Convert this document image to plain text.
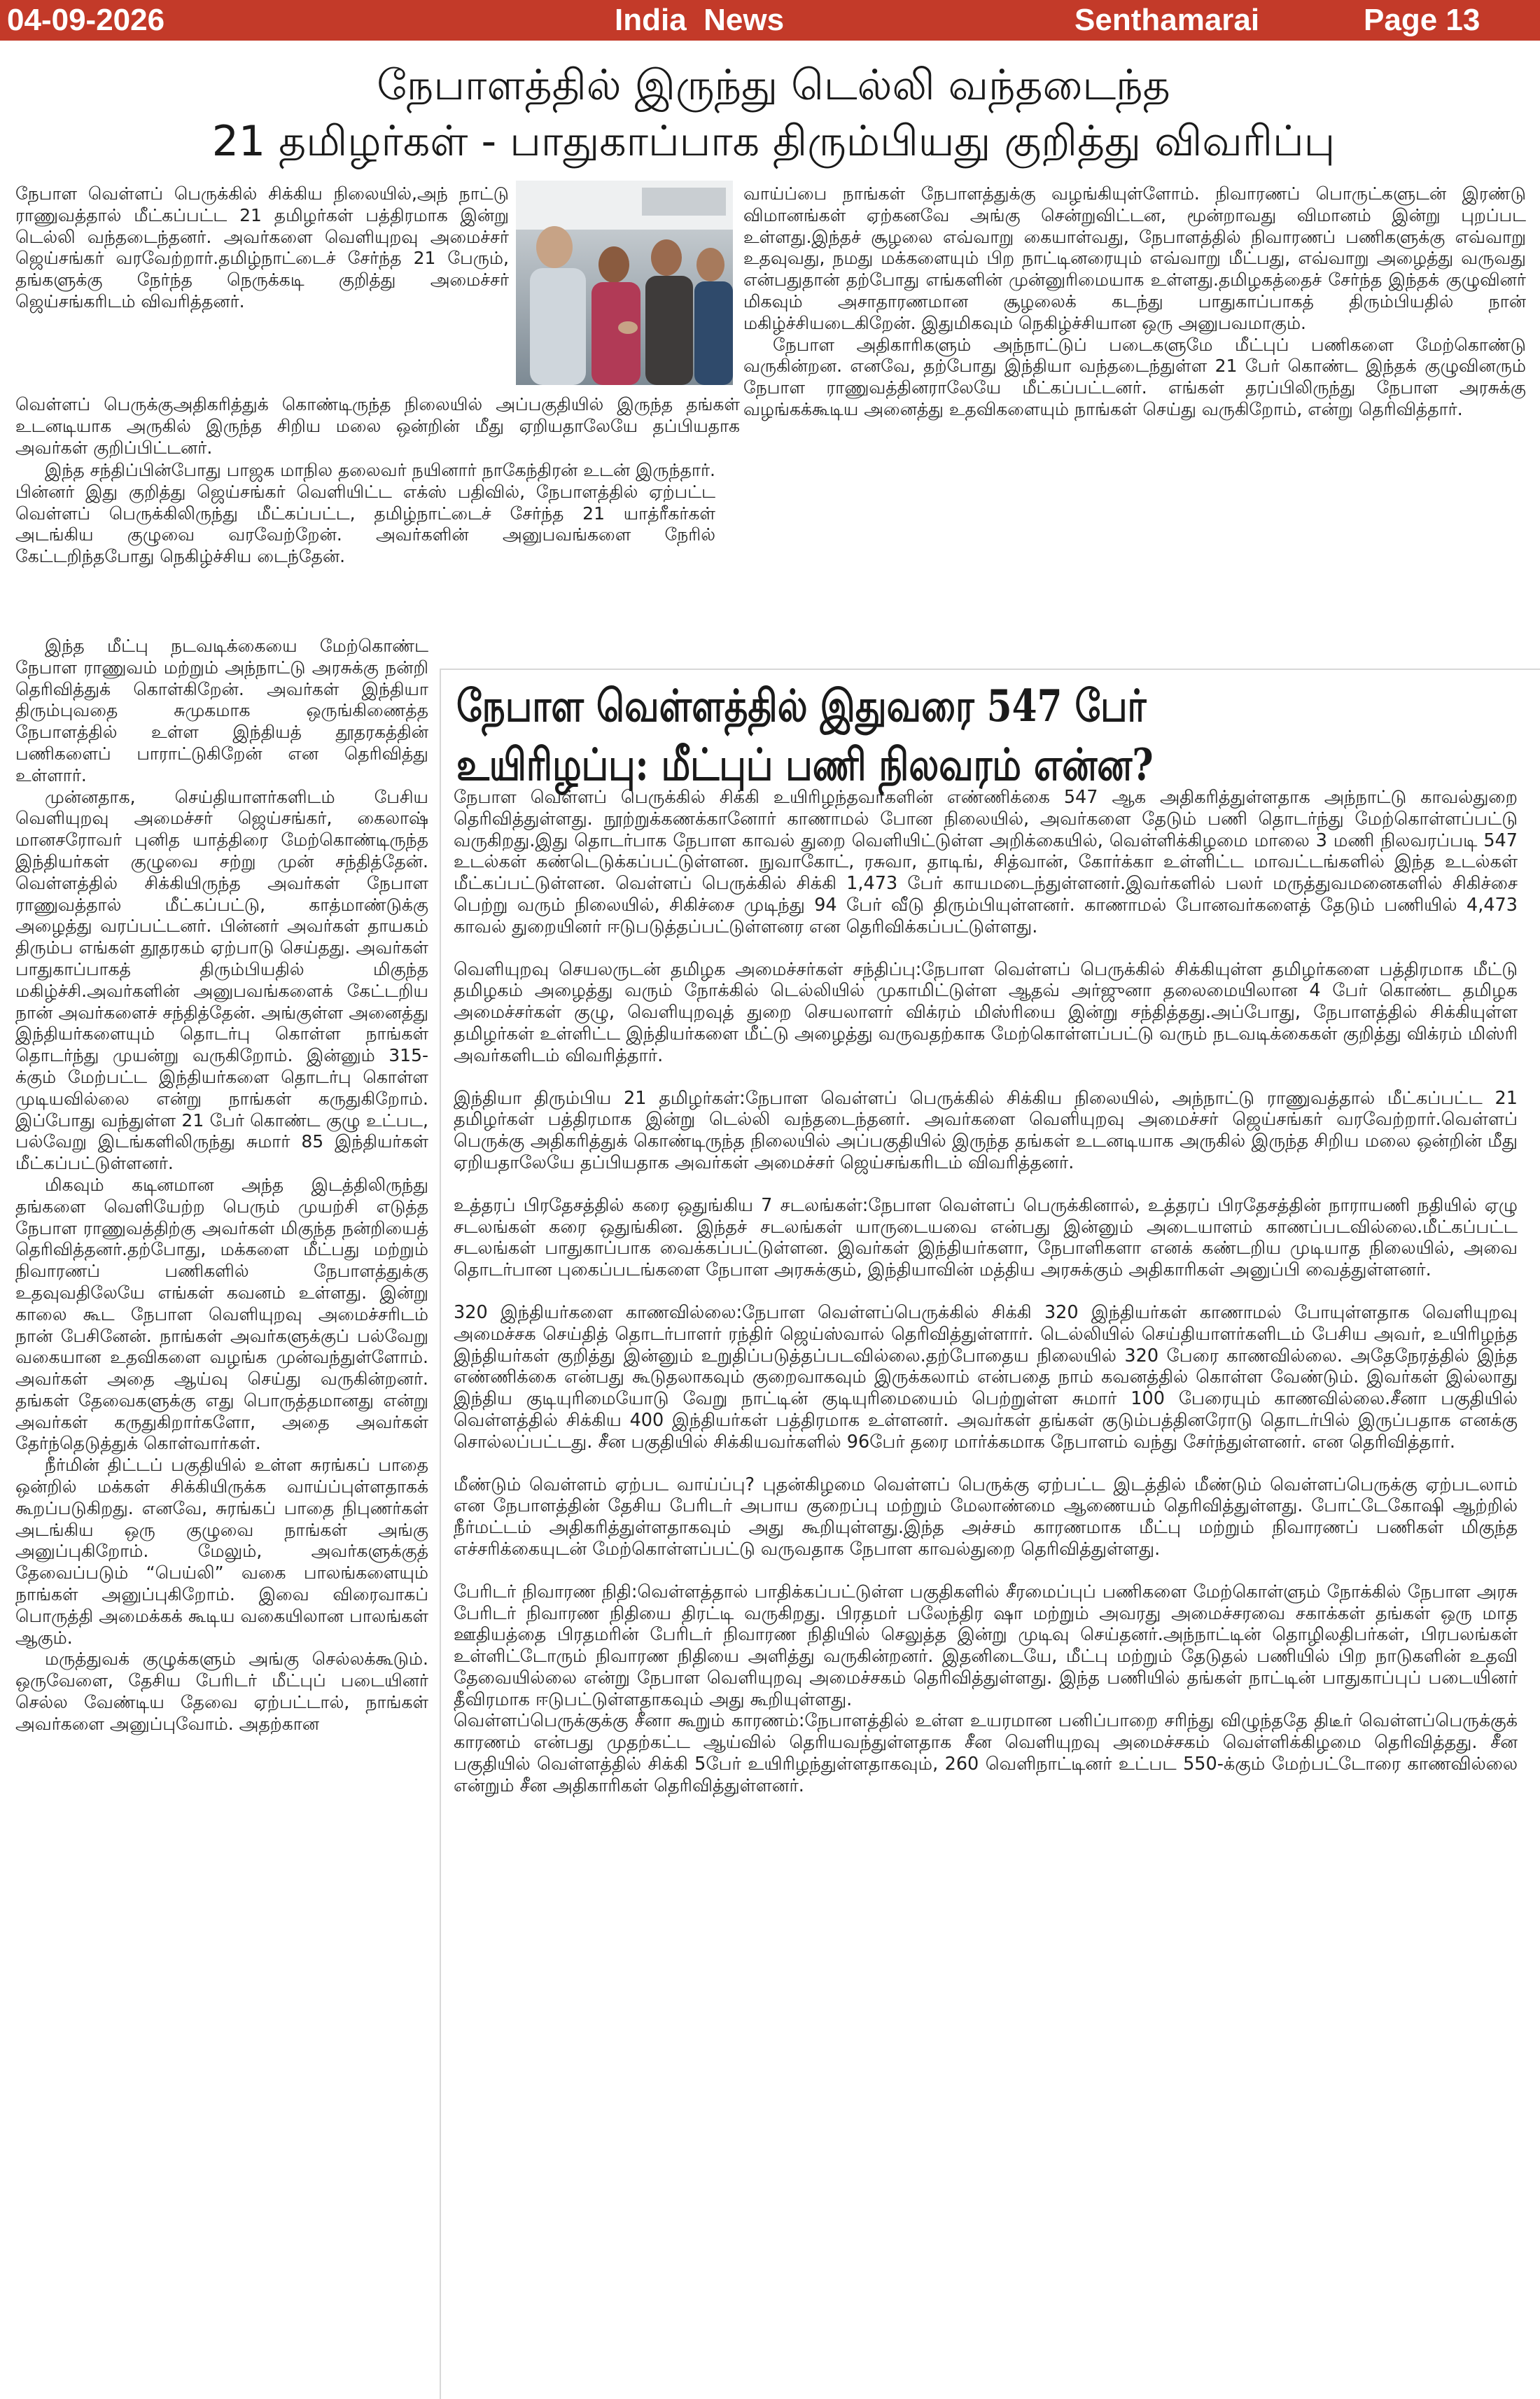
04-09-2026	India  News	Senthamarai	Page 13
நேபாளத்தில் இருந்து டெல்லி வந்தடைந்த
21 தமிழர்கள் - பாதுகாப்பாக திரும்பியது குறித்து விவரிப்பு

நேபாள வெள்ளப் பெருக்கில் சிக்கிய நிலையில்,அந் நாட்டு ராணுவத்தால் மீட்கப்பட்ட 21 தமிழர்கள் பத்திரமாக இன்று டெல்லி வந்தடைந்தனர். அவர்களை வெளியுறவு அமைச்சர் ஜெய்சங்கர் வரவேற்றார்.தமிழ்நாட்டைச் சேர்ந்த 21 பேரும், தங்களுக்கு நேர்ந்த நெருக்கடி குறித்து அமைச்சர் ஜெய்சங்கரிடம் விவரித்தனர்.

வெள்ளப் பெருக்குஅதிகரித்துக் கொண்டிருந்த நிலையில் அப்பகுதியில் இருந்த தங்கள் உடனடியாக அருகில் இருந்த சிறிய மலை ஒன்றின் மீது ஏறியதாலேயே தப்பியதாக அவர்கள் குறிப்பிட்டனர்.

இந்த சந்திப்பின்போது பாஜக மாநில தலைவர் நயினார் நாகேந்திரன் உடன் இருந்தார். பின்னர் இது குறித்து ஜெய்சங்கர் வெளியிட்ட எக்ஸ் பதிவில், நேபாளத்தில் ஏற்பட்ட வெள்ளப் பெருக்கிலிருந்து மீட்கப்பட்ட, தமிழ்நாட்டைச் சேர்ந்த 21 யாத்ரீகர்கள் அடங்கிய குழுவை வரவேற்றேன். அவர்களின் அனுபவங்களை நேரில் கேட்டறிந்தபோது நெகிழ்ச்சிய டைந்தேன்.

இந்த மீட்பு நடவடிக்கையை மேற்கொண்ட நேபாள ராணுவம் மற்றும் அந்நாட்டு அரசுக்கு நன்றி தெரிவித்துக் கொள்கிறேன். அவர்கள் இந்தியா திரும்புவதை சுமுகமாக ஒருங்கிணைத்த நேபாளத்தில் உள்ள இந்தியத் தூதரகத்தின் பணிகளைப் பாராட்டுகிறேன் என தெரிவித்து உள்ளார்.

முன்னதாக, செய்தியாளர்களிடம் பேசிய வெளியுறவு அமைச்சர் ஜெய்சங்கர், கைலாஷ் மானசரோவர் புனித யாத்திரை மேற்கொண்டிருந்த இந்தியர்கள் குழுவை சற்று முன் சந்தித்தேன். வெள்ளத்தில் சிக்கியிருந்த அவர்கள் நேபாள ராணுவத்தால் மீட்கப்பட்டு, காத்மாண்டுக்கு அழைத்து வரப்பட்டனர். பின்னர் அவர்கள் தாயகம் திரும்ப எங்கள் தூதரகம் ஏற்பாடு செய்தது. அவர்கள் பாதுகாப்பாகத் திரும்பியதில் மிகுந்த மகிழ்ச்சி.அவர்களின் அனுபவங்களைக் கேட்டறிய நான் அவர்களைச் சந்தித்தேன். அங்குள்ள அனைத்து இந்தியர்களையும் தொடர்பு கொள்ள நாங்கள் தொடர்ந்து முயன்று வருகிறோம். இன்னும் 315-க்கும் மேற்பட்ட இந்தியர்களை தொடர்பு கொள்ள முடியவில்லை என்று நாங்கள் கருதுகிறோம். இப்போது வந்துள்ள 21 பேர் கொண்ட குழு உட்பட, பல்வேறு இடங்களிலிருந்து சுமார் 85 இந்தியர்கள் மீட்கப்பட்டுள்ளனர்.

மிகவும் கடினமான அந்த இடத்திலிருந்து தங்களை வெளியேற்ற பெரும் முயற்சி எடுத்த நேபாள ராணுவத்திற்கு அவர்கள் மிகுந்த நன்றியைத் தெரிவித்தனர்.தற்போது, மக்களை மீட்பது மற்றும் நிவாரணப் பணிகளில் நேபாளத்துக்கு உதவுவதிலேயே எங்கள் கவனம் உள்ளது. இன்று காலை கூட நேபாள வெளியுறவு அமைச்சரிடம் நான் பேசினேன். நாங்கள் அவர்களுக்குப் பல்வேறு வகையான உதவிகளை வழங்க முன்வந்துள்ளோம். அவர்கள் அதை ஆய்வு செய்து வருகின்றனர். தங்கள் தேவைகளுக்கு எது பொருத்தமானது என்று அவர்கள் கருதுகிறார்களோ, அதை அவர்கள் தேர்ந்தெடுத்துக் கொள்வார்கள்.

நீர்மின் திட்டப் பகுதியில் உள்ள சுரங்கப் பாதை ஒன்றில் மக்கள் சிக்கியிருக்க வாய்ப்புள்ளதாகக் கூறப்படுகிறது. எனவே, சுரங்கப் பாதை நிபுணர்கள் அடங்கிய ஒரு குழுவை நாங்கள் அங்கு அனுப்புகிறோம். மேலும், அவர்களுக்குத் தேவைப்படும் “பெய்லி” வகை பாலங்களையும் நாங்கள் அனுப்புகிறோம். இவை விரைவாகப் பொருத்தி அமைக்கக் கூடிய வகையிலான பாலங்கள் ஆகும்.

மருத்துவக் குழுக்களும் அங்கு செல்லக்கூடும். ஒருவேளை, தேசிய பேரிடர் மீட்புப் படையினர் செல்ல வேண்டிய தேவை ஏற்பட்டால், நாங்கள் அவர்களை அனுப்புவோம். அதற்கான

வாய்ப்பை நாங்கள் நேபாளத்துக்கு வழங்கியுள்ளோம். நிவாரணப் பொருட்களுடன் இரண்டு விமானங்கள் ஏற்கனவே அங்கு சென்றுவிட்டன, மூன்றாவது விமானம் இன்று புறப்பட உள்ளது.இந்தச் சூழலை எவ்வாறு கையாள்வது, நேபாளத்தில் நிவாரணப் பணிகளுக்கு எவ்வாறு உதவுவது, நமது மக்களையும் பிற நாட்டினரையும் எவ்வாறு மீட்பது, எவ்வாறு அழைத்து வருவது என்பதுதான் தற்போது எங்களின் முன்னுரிமையாக உள்ளது.தமிழகத்தைச் சேர்ந்த இந்தக் குழுவினர் மிகவும் அசாதாரணமான சூழலைக் கடந்து பாதுகாப்பாகத் திரும்பியதில் நான் மகிழ்ச்சியடைகிறேன். இதுமிகவும் நெகிழ்ச்சியான ஒரு அனுபவமாகும்.

நேபாள அதிகாரிகளும் அந்நாட்டுப் படைகளுமே மீட்புப் பணிகளை மேற்கொண்டு வருகின்றன. எனவே, தற்போது இந்தியா வந்தடைந்துள்ள 21 பேர் கொண்ட இந்தக் குழுவினரும் நேபாள ராணுவத்தினராலேயே மீட்கப்பட்டனர். எங்கள் தரப்பிலிருந்து நேபாள அரசுக்கு வழங்கக்கூடிய அனைத்து உதவிகளையும் நாங்கள் செய்து வருகிறோம், என்று தெரிவித்தார்.

நேபாள வெள்ளத்தில் இதுவரை 547 பேர்
உயிரிழப்பு: மீட்புப் பணி நிலவரம் என்ன?

நேபாள வெள்ளப் பெருக்கில் சிக்கி உயிரிழந்தவர்களின் எண்ணிக்கை 547 ஆக அதிகரித்துள்ளதாக அந்நாட்டு காவல்துறை தெரிவித்துள்ளது. நூற்றுக்கணக்கானோர் காணாமல் போன நிலையில், அவர்களை தேடும் பணி தொடர்ந்து மேற்கொள்ளப்பட்டு வருகிறது.இது தொடர்பாக நேபாள காவல் துறை வெளியிட்டுள்ள அறிக்கையில், வெள்ளிக்கிழமை மாலை 3 மணி நிலவரப்படி 547 உடல்கள் கண்டெடுக்கப்பட்டுள்ளன. நுவாகோட், ரசுவா, தாடிங், சித்வான், கோர்க்கா உள்ளிட்ட மாவட்டங்களில் இந்த உடல்கள் மீட்கப்பட்டுள்ளன. வெள்ளப் பெருக்கில் சிக்கி 1,473 பேர் காயமடைந்துள்ளனர்.இவர்களில் பலர் மருத்துவமனைகளில் சிகிச்சை பெற்று வரும் நிலையில், சிகிச்சை முடிந்து 94 பேர் வீடு திரும்பியுள்ளனர். காணாமல் போனவர்களைத் தேடும் பணியில் 4,473 காவல் துறையினர் ஈடுபடுத்தப்பட்டுள்ளனர என தெரிவிக்கப்பட்டுள்ளது.

வெளியுறவு செயலருடன் தமிழக அமைச்சர்கள் சந்திப்பு:நேபாள வெள்ளப் பெருக்கில் சிக்கியுள்ள தமிழர்களை பத்திரமாக மீட்டு தமிழகம் அழைத்து வரும் நோக்கில் டெல்லியில் முகாமிட்டுள்ள ஆதவ் அர்ஜுனா தலைமையிலான 4 பேர் கொண்ட தமிழக அமைச்சர்கள் குழு, வெளியுறவுத் துறை செயலாளர் விக்ரம் மிஸ்ரியை இன்று சந்தித்தது.அப்போது, நேபாளத்தில் சிக்கியுள்ள தமிழர்கள் உள்ளிட்ட இந்தியர்களை மீட்டு அழைத்து வருவதற்காக மேற்கொள்ளப்பட்டு வரும் நடவடிக்கைகள் குறித்து விக்ரம் மிஸ்ரி அவர்களிடம் விவரித்தார்.

இந்தியா திரும்பிய 21 தமிழர்கள்:நேபாள வெள்ளப் பெருக்கில் சிக்கிய நிலையில், அந்நாட்டு ராணுவத்தால் மீட்கப்பட்ட 21 தமிழர்கள் பத்திரமாக இன்று டெல்லி வந்தடைந்தனர். அவர்களை வெளியுறவு அமைச்சர் ஜெய்சங்கர் வரவேற்றார்.வெள்ளப் பெருக்கு அதிகரித்துக் கொண்டிருந்த நிலையில் அப்பகுதியில் இருந்த தங்கள் உடனடியாக அருகில் இருந்த சிறிய மலை ஒன்றின் மீது ஏறியதாலேயே தப்பியதாக அவர்கள் அமைச்சர் ஜெய்சங்கரிடம் விவரித்தனர்.

உத்தரப் பிரதேசத்தில் கரை ஒதுங்கிய 7 சடலங்கள்:நேபாள வெள்ளப் பெருக்கினால், உத்தரப் பிரதேசத்தின் நாராயணி நதியில் ஏழு சடலங்கள் கரை ஒதுங்கின. இந்தச் சடலங்கள் யாருடையவை என்பது இன்னும் அடையாளம் காணப்படவில்லை.மீட்கப்பட்ட சடலங்கள் பாதுகாப்பாக வைக்கப்பட்டுள்ளன. இவர்கள் இந்தியர்களா, நேபாளிகளா எனக் கண்டறிய முடியாத நிலையில், அவை தொடர்பான புகைப்படங்களை நேபாள அரசுக்கும், இந்தியாவின் மத்திய அரசுக்கும் அதிகாரிகள் அனுப்பி வைத்துள்ளனர்.

320 இந்தியர்களை காணவில்லை:நேபாள வெள்ளப்பெருக்கில் சிக்கி 320 இந்தியர்கள் காணாமல் போயுள்ளதாக வெளியுறவு அமைச்சக செய்தித் தொடர்பாளர் ரந்திர் ஜெய்ஸ்வால் தெரிவித்துள்ளார். டெல்லியில் செய்தியாளர்களிடம் பேசிய அவர், உயிரிழந்த இந்தியர்கள் குறித்து இன்னும் உறுதிப்படுத்தப்படவில்லை.தற்போதைய நிலையில் 320 பேரை காணவில்லை. அதேநேரத்தில் இந்த எண்ணிக்கை என்பது கூடுதலாகவும் குறைவாகவும் இருக்கலாம் என்பதை நாம் கவனத்தில் கொள்ள வேண்டும். இவர்கள் இல்லாது இந்திய குடியுரிமையோடு வேறு நாட்டின் குடியுரிமையைம் பெற்றுள்ள சுமார் 100 பேரையும் காணவில்லை.சீனா பகுதியில் வெள்ளத்தில் சிக்கிய 400 இந்தியர்கள் பத்திரமாக உள்ளனர். அவர்கள் தங்கள் குடும்பத்தினரோடு தொடர்பில் இருப்பதாக எனக்கு சொல்லப்பட்டது. சீன பகுதியில் சிக்கியவர்களில் 96பேர் தரை மார்க்கமாக நேபாளம் வந்து சேர்ந்துள்ளனர். என தெரிவித்தார்.

மீண்டும் வெள்ளம் ஏற்பட வாய்ப்பு? புதன்கிழமை வெள்ளப் பெருக்கு ஏற்பட்ட இடத்தில் மீண்டும் வெள்ளப்பெருக்கு ஏற்படலாம் என நேபாளத்தின் தேசிய பேரிடர் அபாய குறைப்பு மற்றும் மேலாண்மை ஆணையம் தெரிவித்துள்ளது. போட்டேகோஷி ஆற்றில் நீர்மட்டம் அதிகரித்துள்ளதாகவும் அது கூறியுள்ளது.இந்த அச்சம் காரணமாக மீட்பு மற்றும் நிவாரணப் பணிகள் மிகுந்த எச்சரிக்கையுடன் மேற்கொள்ளப்பட்டு வருவதாக நேபாள காவல்துறை தெரிவித்துள்ளது.

பேரிடர் நிவாரண நிதி:வெள்ளத்தால் பாதிக்கப்பட்டுள்ள பகுதிகளில் சீரமைப்புப் பணிகளை மேற்கொள்ளும் நோக்கில் நேபாள அரசு பேரிடர் நிவாரண நிதியை திரட்டி வருகிறது. பிரதமர் பலேந்திர ஷா மற்றும் அவரது அமைச்சரவை சகாக்கள் தங்கள் ஒரு மாத ஊதியத்தை பிரதமரின் பேரிடர் நிவாரண நிதியில் செலுத்த இன்று முடிவு செய்தனர்.அந்நாட்டின் தொழிலதிபர்கள், பிரபலங்கள் உள்ளிட்டோரும் நிவாரண நிதியை அளித்து வருகின்றனர். இதனிடையே, மீட்பு மற்றும் தேடுதல் பணியில் பிற நாடுகளின் உதவி தேவையில்லை என்று நேபாள வெளியுறவு அமைச்சகம் தெரிவித்துள்ளது. இந்த பணியில் தங்கள் நாட்டின் பாதுகாப்புப் படையினர் தீவிரமாக ஈடுபட்டுள்ளதாகவும் அது கூறியுள்ளது.

வெள்ளப்பெருக்குக்கு சீனா கூறும் காரணம்:நேபாளத்தில் உள்ள உயரமான பனிப்பாறை சரிந்து விழுந்ததே திடீர் வெள்ளப்பெருக்குக் காரணம் என்பது முதற்கட்ட ஆய்வில் தெரியவந்துள்ளதாக சீன வெளியுறவு அமைச்சகம் வெள்ளிக்கிழமை தெரிவித்தது. சீன பகுதியில் வெள்ளத்தில் சிக்கி 5பேர் உயிரிழந்துள்ளதாகவும், 260 வெளிநாட்டினர் உட்பட 550-க்கும் மேற்பட்டோரை காணவில்லை என்றும் சீன அதிகாரிகள் தெரிவித்துள்ளனர்.
